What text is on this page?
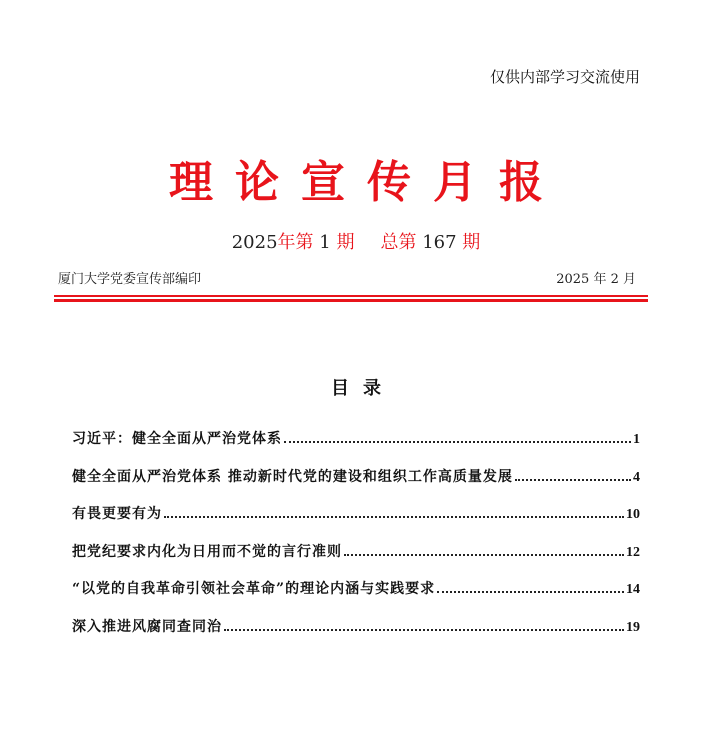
仅供内部学习交流使用
理论宣传月报
2025年第 1 期 总第 167 期
厦门大学党委宣传部编印	2025 年 2 月
目录
习近平：健全全面从严治党体系	1
健全全面从严治党体系 推动新时代党的建设和组织工作高质量发展	4
有畏更要有为	10
把党纪要求内化为日用而不觉的言行准则	12
“以党的自我革命引领社会革命”的理论内涵与实践要求	14
深入推进风腐同查同治	19
